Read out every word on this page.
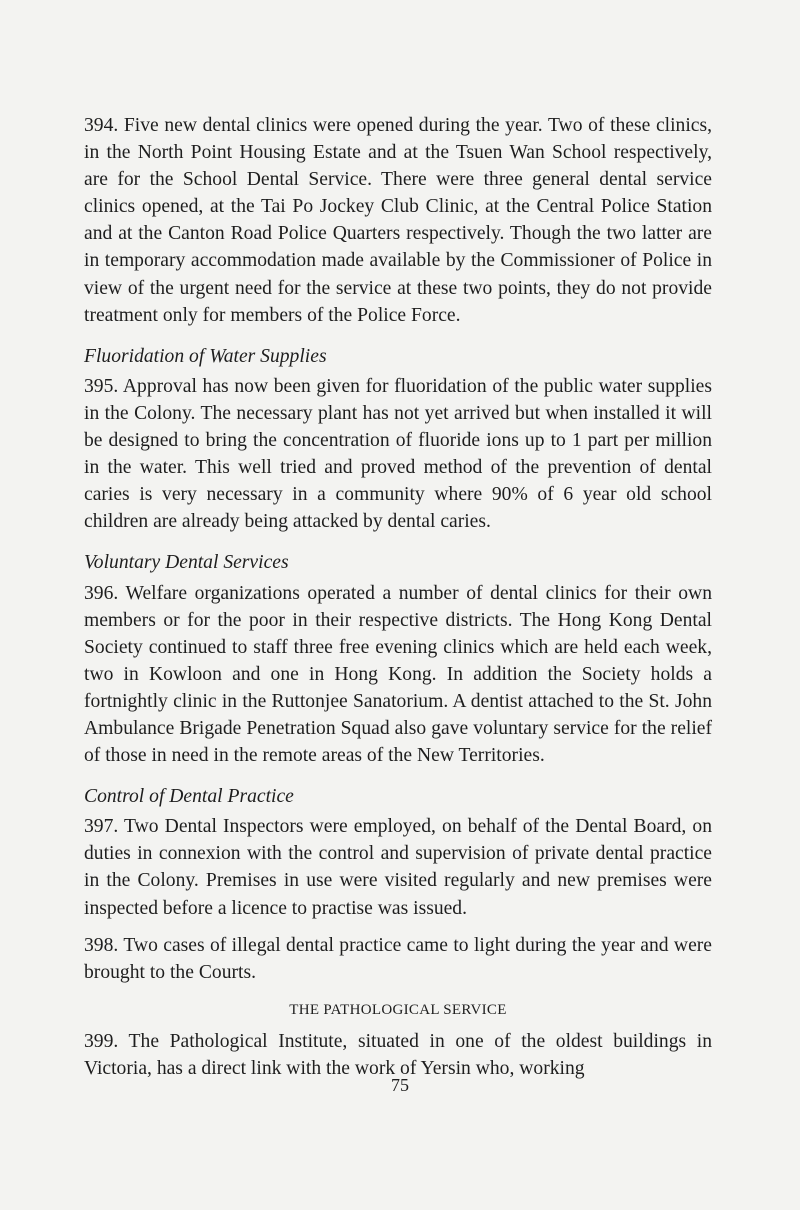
394. Five new dental clinics were opened during the year. Two of these clinics, in the North Point Housing Estate and at the Tsuen Wan School respectively, are for the School Dental Service. There were three general dental service clinics opened, at the Tai Po Jockey Club Clinic, at the Central Police Station and at the Canton Road Police Quarters respectively. Though the two latter are in temporary accommodation made available by the Commissioner of Police in view of the urgent need for the service at these two points, they do not provide treatment only for members of the Police Force.

Fluoridation of Water Supplies

395. Approval has now been given for fluoridation of the public water supplies in the Colony. The necessary plant has not yet arrived but when installed it will be designed to bring the concentration of fluoride ions up to 1 part per million in the water. This well tried and proved method of the prevention of dental caries is very necessary in a community where 90% of 6 year old school children are already being attacked by dental caries.

Voluntary Dental Services

396. Welfare organizations operated a number of dental clinics for their own members or for the poor in their respective districts. The Hong Kong Dental Society continued to staff three free evening clinics which are held each week, two in Kowloon and one in Hong Kong. In addition the Society holds a fortnightly clinic in the Ruttonjee Sanatorium. A dentist attached to the St. John Ambulance Brigade Penetration Squad also gave voluntary service for the relief of those in need in the remote areas of the New Territories.

Control of Dental Practice

397. Two Dental Inspectors were employed, on behalf of the Dental Board, on duties in connexion with the control and supervision of private dental practice in the Colony. Premises in use were visited regularly and new premises were inspected before a licence to practise was issued.

398. Two cases of illegal dental practice came to light during the year and were brought to the Courts.

THE PATHOLOGICAL SERVICE

399. The Pathological Institute, situated in one of the oldest buildings in Victoria, has a direct link with the work of Yersin who, working

75
